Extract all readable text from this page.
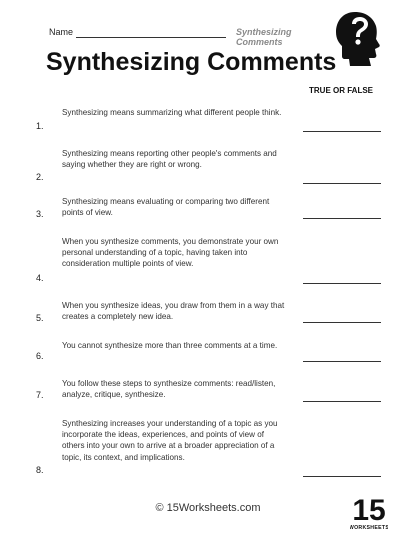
Name	Synthesizing Comments
Synthesizing Comments
TRUE OR FALSE
Synthesizing means summarizing what different people think.
1.
Synthesizing means reporting other people's comments and saying whether they are right or wrong.
2.
Synthesizing means evaluating or comparing two different points of view.
3.
When you synthesize comments, you demonstrate your own personal understanding of a topic, having taken into consideration multiple points of view.
4.
When you synthesize ideas, you draw from them in a way that creates a completely new idea.
5.
You cannot synthesize more than three comments at a time.
6.
You follow these steps to synthesize comments: read/listen, analyze, critique, synthesize.
7.
Synthesizing increases your understanding of a topic as you incorporate the ideas, experiences, and points of view of others into your own to arrive at a broader appreciation of a topic, its context, and implications.
8.
© 15Worksheets.com	15
WORKSHEETS
